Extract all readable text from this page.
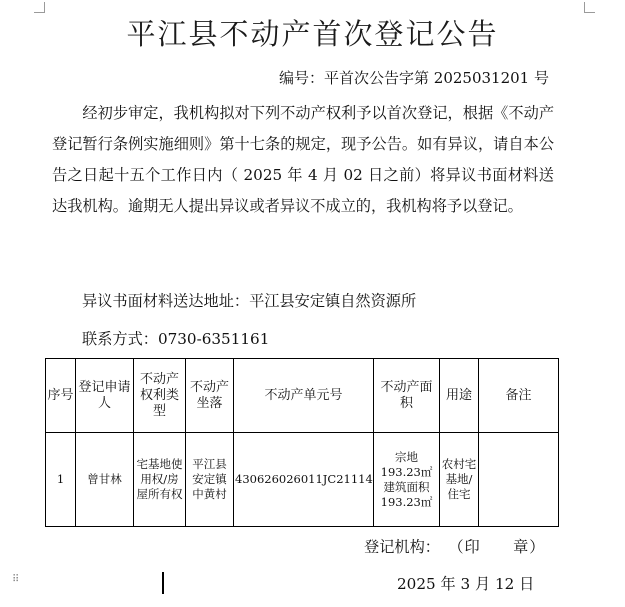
平江县不动产首次登记公告
编号：平首次公告字第 2025031201 号
经初步审定，我机构拟对下列不动产权利予以首次登记，根据《不动产登记暂行条例实施细则》第十七条的规定，现予公告。如有异议，请自本公告之日起十五个工作日内（ 2025 年 4 月 02 日之前）将异议书面材料送达我机构。逾期无人提出异议或者异议不成立的，我机构将予以登记。
异议书面材料送达地址：平江县安定镇自然资源所
联系方式：0730-6351161
序号	登记申请人	不动产权利类型	不动产坐落	不动产单元号	不动产面积	用途	备注
1	曾甘林	宅基地使用权/房屋所有权	平江县安定镇中黄村	430626026011JC21114	宗地193.23㎡建筑面积193.23㎡	农村宅基地/住宅	
登记机构： （印　　章）
2025 年 3 月 12 日
⠿
